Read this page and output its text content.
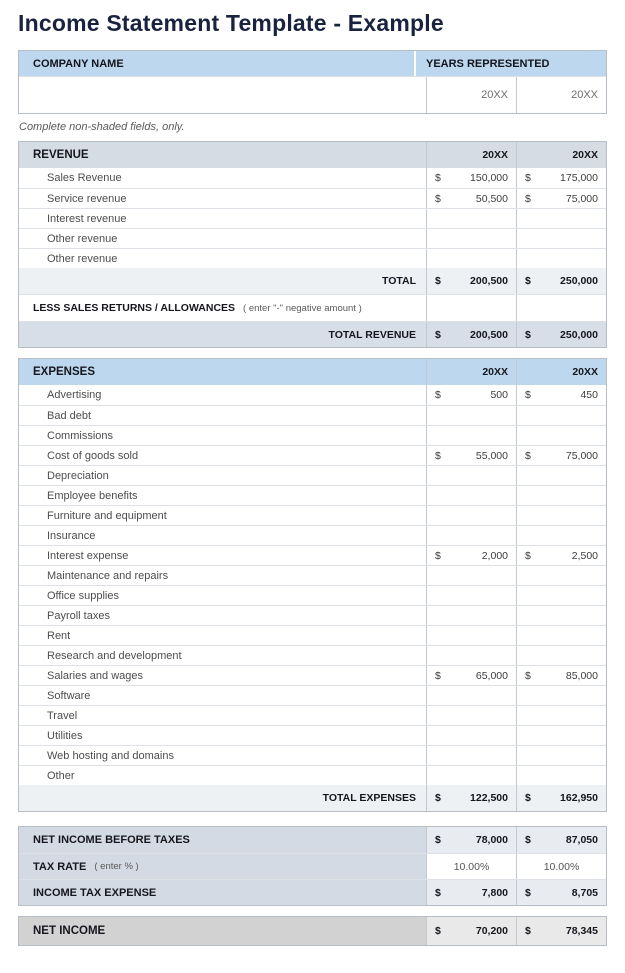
Income Statement Template - Example
COMPANY NAME	YEARS REPRESENTED
20XX	20XX
Complete non-shaded fields, only.
REVENUE	20XX	20XX
Sales Revenue	$	150,000 $	175,000
Service revenue	$	50,500 $	75,000
Interest revenue
Other revenue
Other revenue
TOTAL	$	200,500 $	250,000
LESS SALES RETURNS / ALLOWANCES ( enter "-" negative amount )
TOTAL REVENUE	$	200,500 $	250,000
EXPENSES	20XX	20XX
Advertising	$	500 $	450
Bad debt
Commissions
Cost of goods sold	$	55,000 $	75,000
Depreciation
Employee benefits
Furniture and equipment
Insurance
Interest expense	$	2,000 $	2,500
Maintenance and repairs
Office supplies
Payroll taxes
Rent
Research and development
Salaries and wages	$	65,000 $	85,000
Software
Travel
Utilities
Web hosting and domains
Other
TOTAL EXPENSES	$	122,500 $	162,950
NET INCOME BEFORE TAXES	$	78,000 $	87,050
TAX RATE ( enter % )	10.00%	10.00%
INCOME TAX EXPENSE	$	7,800 $	8,705
NET INCOME	$	70,200 $	78,345
